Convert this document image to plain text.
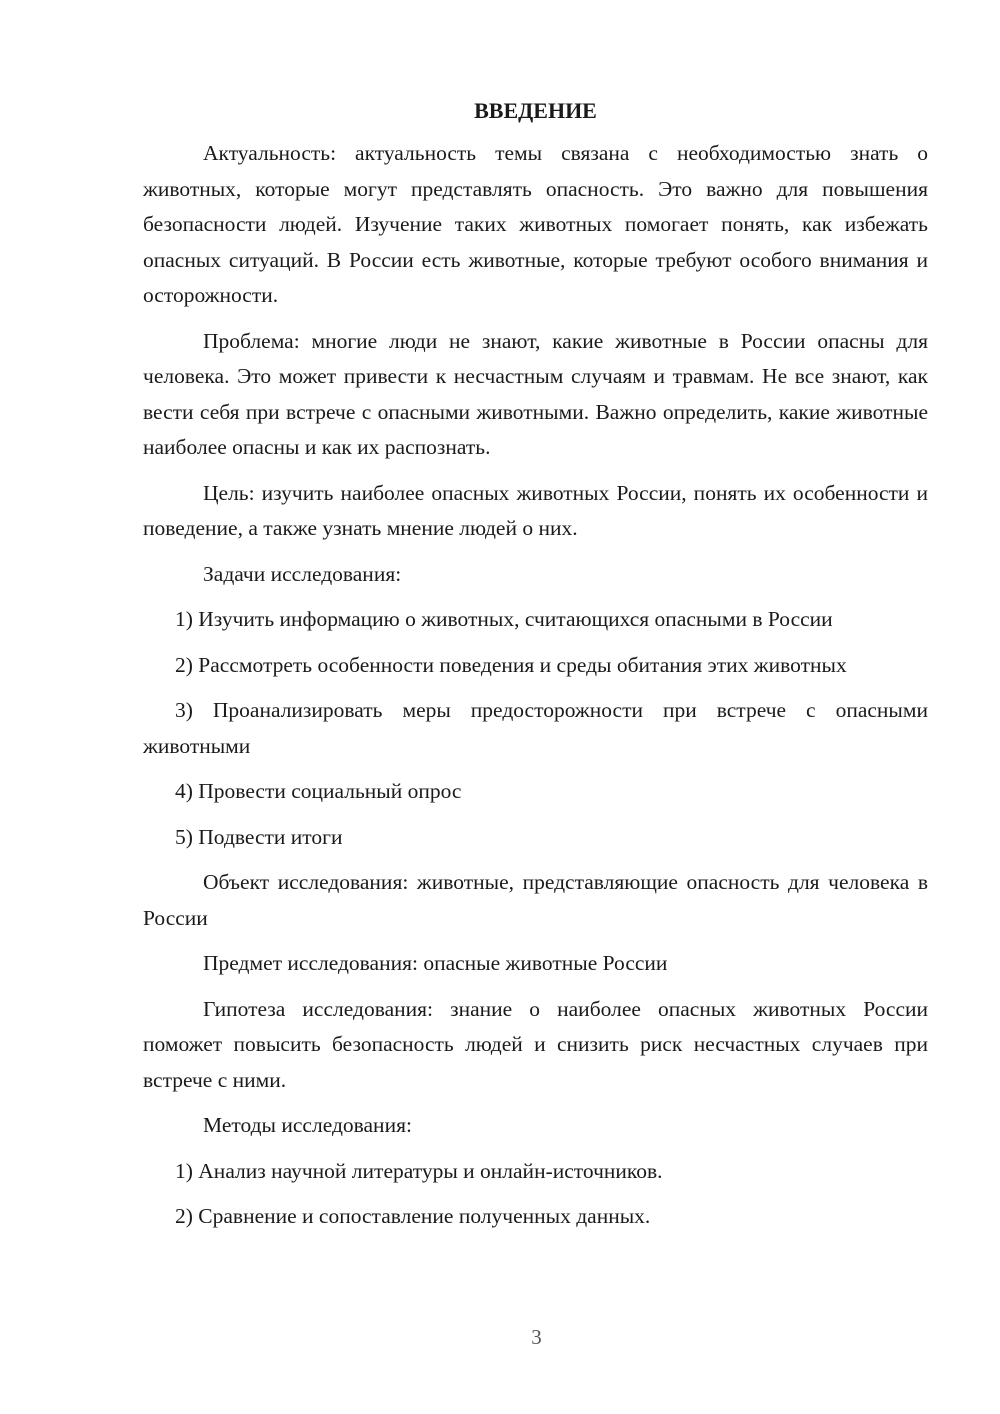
ВВЕДЕНИЕ

Актуальность: актуальность темы связана с необходимостью знать о животных, которые могут представлять опасность. Это важно для повышения безопасности людей. Изучение таких животных помогает понять, как избежать опасных ситуаций. В России есть животные, которые требуют особого внимания и осторожности.

Проблема: многие люди не знают, какие животные в России опасны для человека. Это может привести к несчастным случаям и травмам. Не все знают, как вести себя при встрече с опасными животными. Важно определить, какие животные наиболее опасны и как их распознать.

Цель: изучить наиболее опасных животных России, понять их особенности и поведение, а также узнать мнение людей о них.

Задачи исследования:

1) Изучить информацию о животных, считающихся опасными в России

2) Рассмотреть особенности поведения и среды обитания этих животных

3) Проанализировать меры предосторожности при встрече с опасными животными

4) Провести социальный опрос

5) Подвести итоги

Объект исследования: животные, представляющие опасность для человека в России

Предмет исследования: опасные животные России

Гипотеза исследования: знание о наиболее опасных животных России поможет повысить безопасность людей и снизить риск несчастных случаев при встрече с ними.

Методы исследования:

1) Анализ научной литературы и онлайн-источников.

2) Сравнение и сопоставление полученных данных.

3
